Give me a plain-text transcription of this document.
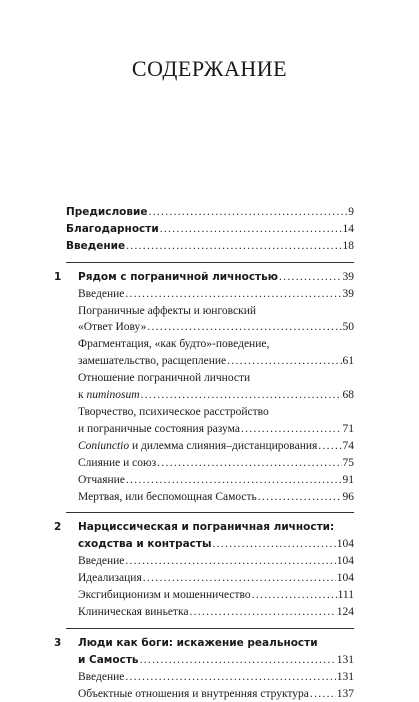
СОДЕРЖАНИЕ
Предисловие .....	9
Благодарности .....	14
Введение .....	18
1 Рядом с пограничной личностью .....	39
Введение .....	39
Пограничные аффекты и юнговский
«Ответ Иову» .....	50
Фрагментация, «как будто»-поведение,
замешательство, расщепление .....	61
Отношение пограничной личности
к numinosum .....	68
Творчество, психическое расстройство
и пограничные состояния разума .....	71
Coniunctio и дилемма слияния–дистанцирования ..... 74
Слияние и союз .....	75
Отчаяние .....	91
Мертвая, или беспомощная Самость .....	96
2 Нарциссическая и пограничная личности:
сходства и контрасты .....	104
Введение .....	104
Идеализация .....	104
Эксгибиционизм и мошенничество .....	111
Клиническая виньетка .....	124
3 Люди как боги: искажение реальности
и Самость .....	131
Введение .....	131
Объектные отношения и внутренняя структура ..... 137
